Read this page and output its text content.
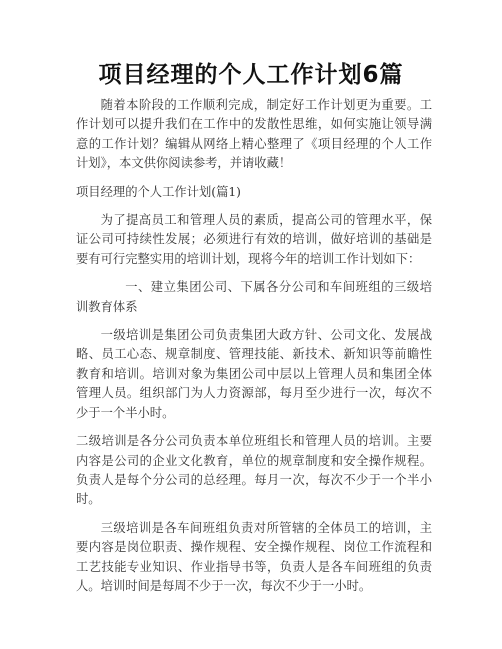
项目经理的个人工作计划6篇

随着本阶段的工作顺利完成，制定好工作计划更为重要。工作计划可以提升我们在工作中的发散性思维，如何实施让领导满意的工作计划？编辑从网络上精心整理了《项目经理的个人工作计划》，本文供你阅读参考，并请收藏！

项目经理的个人工作计划(篇1)

为了提高员工和管理人员的素质，提高公司的管理水平，保证公司可持续性发展；必须进行有效的培训，做好培训的基础是要有可行完整实用的培训计划，现将今年的培训工作计划如下：

一、建立集团公司、下属各分公司和车间班组的三级培训教育体系

一级培训是集团公司负责集团大政方针、公司文化、发展战略、员工心态、规章制度、管理技能、新技术、新知识等前瞻性教育和培训。培训对象为集团公司中层以上管理人员和集团全体管理人员。组织部门为人力资源部，每月至少进行一次，每次不少于一个半小时。

二级培训是各分公司负责本单位班组长和管理人员的培训。主要内容是公司的企业文化教育，单位的规章制度和安全操作规程。负责人是每个分公司的总经理。每月一次，每次不少于一个半小时。

三级培训是各车间班组负责对所管辖的全体员工的培训，主要内容是岗位职责、操作规程、安全操作规程、岗位工作流程和工艺技能专业知识、作业指导书等，负责人是各车间班组的负责人。培训时间是每周不少于一次，每次不少于一小时。
